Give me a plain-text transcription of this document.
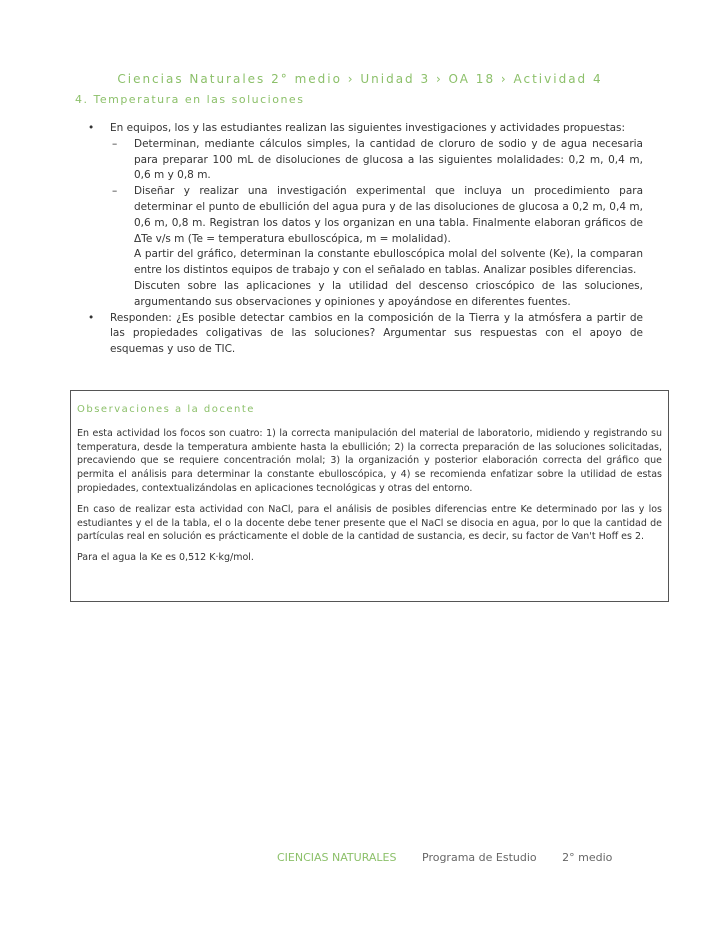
Ciencias Naturales 2° medio › Unidad 3 › OA 18 › Actividad 4
4. Temperatura en las soluciones
• En equipos, los y las estudiantes realizan las siguientes investigaciones y actividades propuestas:
– Determinan, mediante cálculos simples, la cantidad de cloruro de sodio y de agua necesaria para preparar 100 mL de disoluciones de glucosa a las siguientes molalidades: 0,2 m, 0,4 m, 0,6 m y 0,8 m.
– Diseñar y realizar una investigación experimental que incluya un procedimiento para determinar el punto de ebullición del agua pura y de las disoluciones de glucosa a 0,2 m, 0,4 m, 0,6 m, 0,8 m. Registran los datos y los organizan en una tabla. Finalmente elaboran gráficos de ΔTe v/s m (Te = temperatura ebulloscópica, m = molalidad).
A partir del gráfico, determinan la constante ebulloscópica molal del solvente (Ke), la comparan entre los distintos equipos de trabajo y con el señalado en tablas. Analizar posibles diferencias.
Discuten sobre las aplicaciones y la utilidad del descenso crioscópico de las soluciones, argumentando sus observaciones y opiniones y apoyándose en diferentes fuentes.
• Responden: ¿Es posible detectar cambios en la composición de la Tierra y la atmósfera a partir de las propiedades coligativas de las soluciones? Argumentar sus respuestas con el apoyo de esquemas y uso de TIC.
Observaciones a la docente

En esta actividad los focos son cuatro: 1) la correcta manipulación del material de laboratorio, midiendo y registrando su temperatura, desde la temperatura ambiente hasta la ebullición; 2) la correcta preparación de las soluciones solicitadas, precaviendo que se requiere concentración molal; 3) la organización y posterior elaboración correcta del gráfico que permita el análisis para determinar la constante ebulloscópica, y 4) se recomienda enfatizar sobre la utilidad de estas propiedades, contextualizándolas en aplicaciones tecnológicas y otras del entorno.

En caso de realizar esta actividad con NaCl, para el análisis de posibles diferencias entre Ke determinado por las y los estudiantes y el de la tabla, el o la docente debe tener presente que el NaCl se disocia en agua, por lo que la cantidad de partículas real en solución es prácticamente el doble de la cantidad de sustancia, es decir, su factor de Van't Hoff es 2.

Para el agua la Ke es 0,512 K·kg/mol.

CIENCIAS NATURALES Programa de Estudio 2° medio
